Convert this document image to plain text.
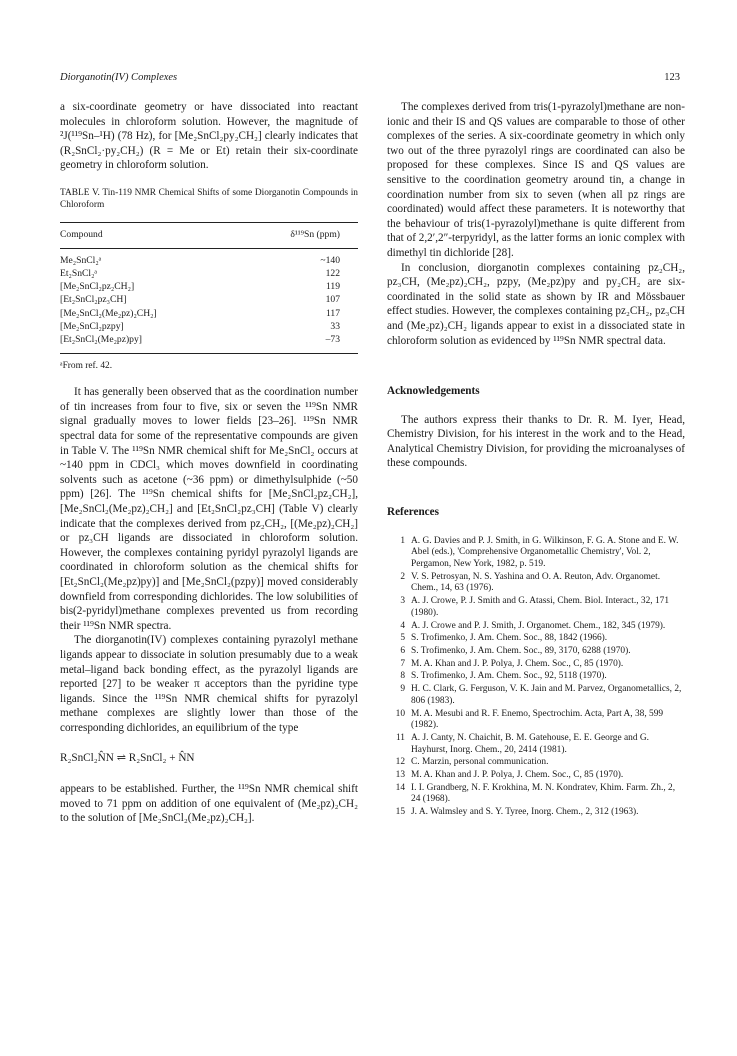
Diorganotin(IV) Complexes	123

a six-coordinate geometry or have dissociated into reactant molecules in chloroform solution. However, the magnitude of ²J(¹¹⁹Sn–¹H) (78 Hz), for [Me₂SnCl₂py₂CH₂] clearly indicates that (R₂SnCl₂·py₂CH₂) (R = Me or Et) retain their six-coordinate geometry in chloroform solution.

TABLE V. Tin-119 NMR Chemical Shifts of some Diorganotin Compounds in Chloroform
Compound	δ¹¹⁹Sn (ppm)
Me₂SnCl₂ᵃ	~140
Et₂SnCl₂ᵃ	122
[Me₂SnCl₂pz₂CH₂]	119
[Et₂SnCl₂pz₃CH]	107
[Me₂SnCl₂(Me₂pz)₂CH₂]	117
[Me₂SnCl₂pzpy]	33
[Et₂SnCl₂(Me₂pz)py]	–73
ᵃFrom ref. 42.

It has generally been observed that as the coordination number of tin increases from four to five, six or seven the ¹¹⁹Sn NMR signal gradually moves to lower fields [23–26]. ¹¹⁹Sn NMR spectral data for some of the representative compounds are given in Table V. The ¹¹⁹Sn NMR chemical shift for Me₂SnCl₂ occurs at ~140 ppm in CDCl₃ which moves downfield in coordinating solvents such as acetone (~36 ppm) or dimethylsulphide (~50 ppm) [26]. The ¹¹⁹Sn chemical shifts for [Me₂SnCl₂pz₂CH₂], [Me₂SnCl₂(Me₂pz)₂CH₂] and [Et₂SnCl₂pz₃CH] (Table V) clearly indicate that the complexes derived from pz₂CH₂, [(Me₂pz)₂CH₂] or pz₃CH ligands are dissociated in chloroform solution. However, the complexes containing pyridyl pyrazolyl ligands are coordinated in chloroform solution as the chemical shifts for [Et₂SnCl₂(Me₂pz)py)] and [Me₂SnCl₂(pzpy)] moved considerably downfield from corresponding dichlorides. The low solubilities of bis(2-pyridyl)methane complexes prevented us from recording their ¹¹⁹Sn NMR spectra.

The diorganotin(IV) complexes containing pyrazolyl methane ligands appear to dissociate in solution presumably due to a weak metal–ligand back bonding effect, as the pyrazolyl ligands are reported [27] to be weaker π acceptors than the pyridine type ligands. Since the ¹¹⁹Sn NMR chemical shifts for pyrazolyl methane complexes are slightly lower than those of the corresponding dichlorides, an equilibrium of the type

R₂SnCl₂N̂N ⇌ R₂SnCl₂ + N̂N

appears to be established. Further, the ¹¹⁹Sn NMR chemical shift moved to 71 ppm on addition of one equivalent of (Me₂pz)₂CH₂ to the solution of [Me₂SnCl₂(Me₂pz)₂CH₂].

The complexes derived from tris(1-pyrazolyl)methane are non-ionic and their IS and QS values are comparable to those of other complexes of the series. A six-coordinate geometry in which only two out of the three pyrazolyl rings are coordinated can also be proposed for these complexes. Since IS and QS values are sensitive to the coordination geometry around tin, a change in coordination number from six to seven (when all pz rings are coordinated) would affect these parameters. It is noteworthy that the behaviour of tris(1-pyrazolyl)methane is quite different from that of 2,2′,2″-terpyridyl, as the latter forms an ionic complex with dimethyl tin dichloride [28].

In conclusion, diorganotin complexes containing pz₂CH₂, pz₃CH, (Me₂pz)₂CH₂, pzpy, (Me₂pz)py and py₂CH₂ are six-coordinated in the solid state as shown by IR and Mössbauer effect studies. However, the complexes containing pz₂CH₂, pz₃CH and (Me₂pz)₂CH₂ ligands appear to exist in a dissociated state in chloroform solution as evidenced by ¹¹⁹Sn NMR spectral data.

Acknowledgements

The authors express their thanks to Dr. R. M. Iyer, Head, Chemistry Division, for his interest in the work and to the Head, Analytical Chemistry Division, for providing the microanalyses of these compounds.

References
1 A. G. Davies and P. J. Smith, in G. Wilkinson, F. G. A. Stone and E. W. Abel (eds.), 'Comprehensive Organometallic Chemistry', Vol. 2, Pergamon, New York, 1982, p. 519.
2 V. S. Petrosyan, N. S. Yashina and O. A. Reuton, Adv. Organomet. Chem., 14, 63 (1976).
3 A. J. Crowe, P. J. Smith and G. Atassi, Chem. Biol. Interact., 32, 171 (1980).
4 A. J. Crowe and P. J. Smith, J. Organomet. Chem., 182, 345 (1979).
5 S. Trofimenko, J. Am. Chem. Soc., 88, 1842 (1966).
6 S. Trofimenko, J. Am. Chem. Soc., 89, 3170, 6288 (1970).
7 M. A. Khan and J. P. Polya, J. Chem. Soc., C, 85 (1970).
8 S. Trofimenko, J. Am. Chem. Soc., 92, 5118 (1970).
9 H. C. Clark, G. Ferguson, V. K. Jain and M. Parvez, Organometallics, 2, 806 (1983).
10 M. A. Mesubi and R. F. Enemo, Spectrochim. Acta, Part A, 38, 599 (1982).
11 A. J. Canty, N. Chaichit, B. M. Gatehouse, E. E. George and G. Hayhurst, Inorg. Chem., 20, 2414 (1981).
12 C. Marzin, personal communication.
13 M. A. Khan and J. P. Polya, J. Chem. Soc., C, 85 (1970).
14 I. I. Grandberg, N. F. Krokhina, M. N. Kondratev, Khim. Farm. Zh., 2, 24 (1968).
15 J. A. Walmsley and S. Y. Tyree, Inorg. Chem., 2, 312 (1963).
